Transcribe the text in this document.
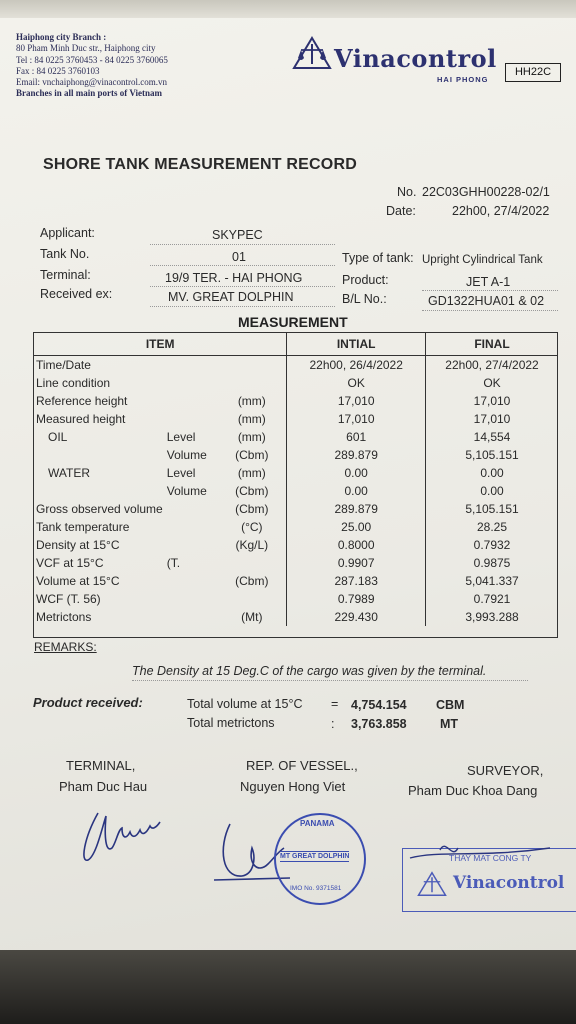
Haiphong city Branch :
80 Pham Minh Duc str., Haiphong city
Tel : 84 0225 3760453 - 84 0225 3760065
Fax : 84 0225 3760103
Email: vnchaiphong@vinacontrol.com.vn
Branches in all main ports of Vietnam
Vinacontrol
HAI PHONG
HH22C
SHORE TANK MEASUREMENT RECORD
No. 22C03GHH00228-02/1
Date:	22h00, 27/4/2022
Applicant:	SKYPEC
Tank No.	01
Terminal:	19/9 TER. - HAI PHONG
Received ex:	MV. GREAT DOLPHIN
Type of tank: Upright Cylindrical Tank
Product:	JET A-1
B/L No.:	GD1322HUA01 & 02
MEASUREMENT
ITEM			INTIAL	FINAL
Time/Date			22h00, 26/4/2022	22h00, 27/4/2022
Line condition			OK	OK
Reference height		(mm)	17,010	17,010
Measured height		(mm)	17,010	17,010
OIL	Level	(mm)	601	14,554
	Volume	(Cbm)	289.879	5,105.151
WATER	Level	(mm)	0.00	0.00
	Volume	(Cbm)	0.00	0.00
Gross observed volume		(Cbm)	289.879	5,105.151
Tank temperature		(°C)	25.00	28.25
Density at 15°C		(Kg/L)	0.8000	0.7932
VCF at 15°C	(T.		0.9907	0.9875
Volume at 15°C		(Cbm)	287.183	5,041.337
WCF (T. 56)			0.7989	0.7921
Metrictons		(Mt)	229.430	3,993.288
REMARKS:
The Density at 15 Deg.C of the cargo was given by the terminal.
Product received:	Total volume at 15°C = 4,754.154 CBM
Total metrictons	: 3,763.858	MT
TERMINAL,
Pham Duc Hau
REP. OF VESSEL.,
Nguyen Hong Viet
SURVEYOR,
Pham Duc Khoa Dang
PANAMA
MT GREAT DOLPHIN
IMO No. 9371581
THAY MAT CONG TY
Vinacontrol
